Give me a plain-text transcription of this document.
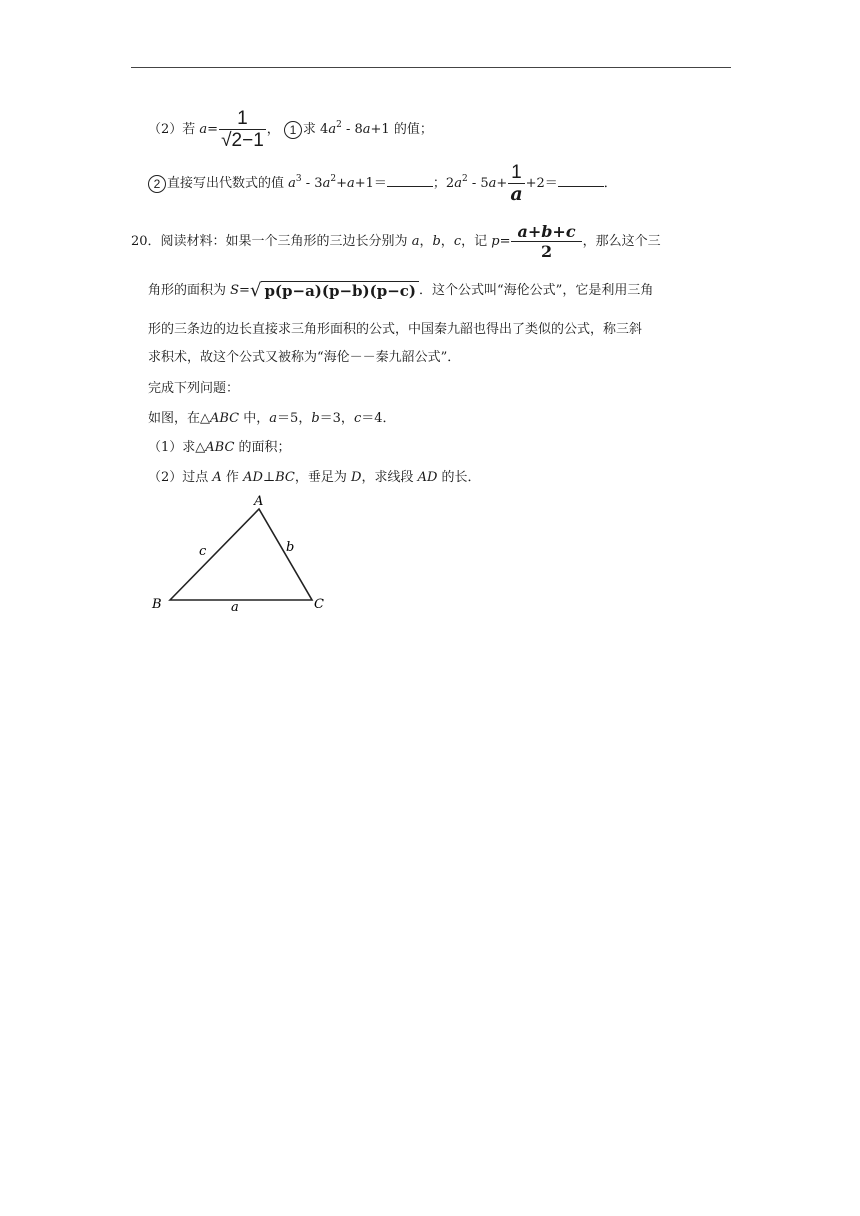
（2）若 $a= \frac{1}{√2-1}$ ， 1 求 $4a^2 - 8a+1$ 的值；
2 直接写出代数式的值 $a^3 - 3a^2+a+1=$	；$2a^2 - 5a+ \frac{1}{a} +2=$	．
20．阅读材料：如果一个三角形的三边长分别为 a，b，c，记 $p= \frac{a+b+c}{2}$ ，那么这个三
角形的面积为 S=√ p(p−a)(p−b)(p−c) ．这个公式叫“海伦公式”，它是利用三角
形的三条边的边长直接求三角形面积的公式，中国秦九韶也得出了类似的公式，称三斜
求积术，故这个公式又被称为“海伦－－秦九韶公式”．
完成下列问题：
如图，在△ABC 中，a＝5，b＝3，c＝4．
（1）求△ABC 的面积；
（2）过点 A 作 AD⊥BC，垂足为 D，求线段 AD 的长．
A
B	C
a
b
c
